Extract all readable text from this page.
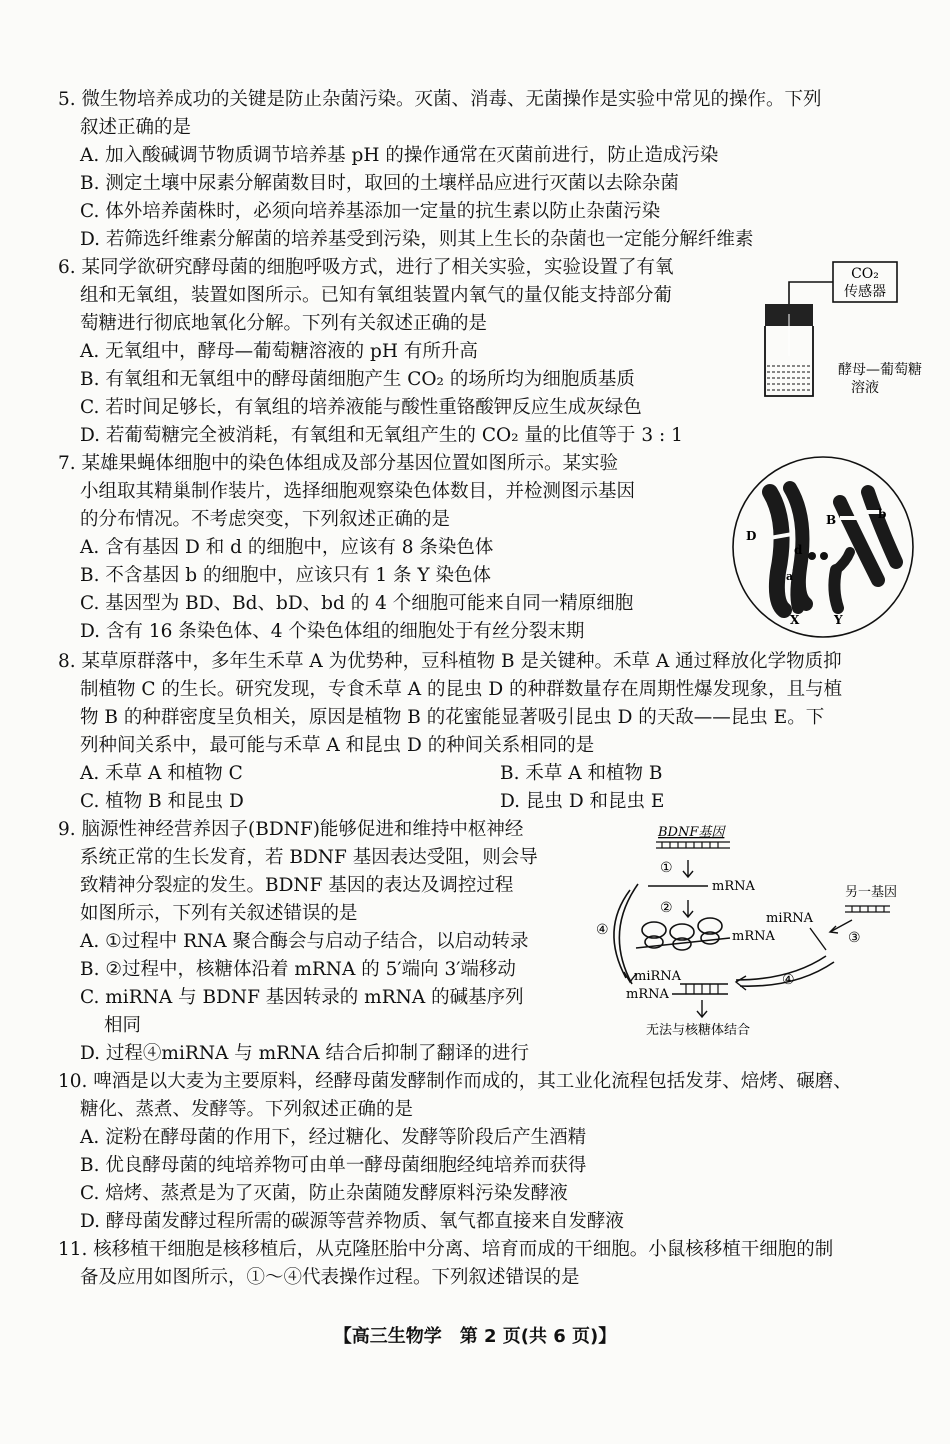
5. 微生物培养成功的关键是防止杂菌污染。灭菌、消毒、无菌操作是实验中常见的操作。下列
叙述正确的是
A. 加入酸碱调节物质调节培养基 pH 的操作通常在灭菌前进行，防止造成污染
B. 测定土壤中尿素分解菌数目时，取回的土壤样品应进行灭菌以去除杂菌
C. 体外培养菌株时，必须向培养基添加一定量的抗生素以防止杂菌污染
D. 若筛选纤维素分解菌的培养基受到污染，则其上生长的杂菌也一定能分解纤维素
6. 某同学欲研究酵母菌的细胞呼吸方式，进行了相关实验，实验设置了有氧
组和无氧组，装置如图所示。已知有氧组装置内氧气的量仅能支持部分葡
萄糖进行彻底地氧化分解。下列有关叙述正确的是
A. 无氧组中，酵母—葡萄糖溶液的 pH 有所升高
B. 有氧组和无氧组中的酵母菌细胞产生 CO₂ 的场所均为细胞质基质
C. 若时间足够长，有氧组的培养液能与酸性重铬酸钾反应生成灰绿色
D. 若葡萄糖完全被消耗，有氧组和无氧组产生的 CO₂ 量的比值等于 3 : 1
CO₂
传感器
酵母—葡萄糖
溶液
7. 某雄果蝇体细胞中的染色体组成及部分基因位置如图所示。某实验
小组取其精巢制作装片，选择细胞观察染色体数目，并检测图示基因
的分布情况。不考虑突变，下列叙述正确的是
A. 含有基因 D 和 d 的细胞中，应该有 8 条染色体
B. 不含基因 b 的细胞中，应该只有 1 条 Y 染色体
C. 基因型为 BD、Bd、bD、bd 的 4 个细胞可能来自同一精原细胞
D. 含有 16 条染色体、4 个染色体组的细胞处于有丝分裂末期
D
d
B	b
a
X	Y
8. 某草原群落中，多年生禾草 A 为优势种，豆科植物 B 是关键种。禾草 A 通过释放化学物质抑
制植物 C 的生长。研究发现，专食禾草 A 的昆虫 D 的种群数量存在周期性爆发现象，且与植
物 B 的种群密度呈负相关，原因是植物 B 的花蜜能显著吸引昆虫 D 的天敌——昆虫 E。下
列种间关系中，最可能与禾草 A 和昆虫 D 的种间关系相同的是
A. 禾草 A 和植物 C	B. 禾草 A 和植物 B
C. 植物 B 和昆虫 D	D. 昆虫 D 和昆虫 E
9. 脑源性神经营养因子(BDNF)能够促进和维持中枢神经
系统正常的生长发育，若 BDNF 基因表达受阻，则会导
致精神分裂症的发生。BDNF 基因的表达及调控过程
如图所示，下列有关叙述错误的是
A. ①过程中 RNA 聚合酶会与启动子结合，以启动转录
B. ②过程中，核糖体沿着 mRNA 的 5′端向 3′端移动
C. miRNA 与 BDNF 基因转录的 mRNA 的碱基序列
相同
D. 过程④miRNA 与 mRNA 结合后抑制了翻译的进行
BDNF基因
①
mRNA
②
mRNA
④
另一基因
③
miRNA
④
miRNA
mRNA
无法与核糖体结合
10. 啤酒是以大麦为主要原料，经酵母菌发酵制作而成的，其工业化流程包括发芽、焙烤、碾磨、
糖化、蒸煮、发酵等。下列叙述正确的是
A. 淀粉在酵母菌的作用下，经过糖化、发酵等阶段后产生酒精
B. 优良酵母菌的纯培养物可由单一酵母菌细胞经纯培养而获得
C. 焙烤、蒸煮是为了灭菌，防止杂菌随发酵原料污染发酵液
D. 酵母菌发酵过程所需的碳源等营养物质、氧气都直接来自发酵液
11. 核移植干细胞是核移植后，从克隆胚胎中分离、培育而成的干细胞。小鼠核移植干细胞的制
备及应用如图所示，①～④代表操作过程。下列叙述错误的是
【高三生物学　第 2 页(共 6 页)】
